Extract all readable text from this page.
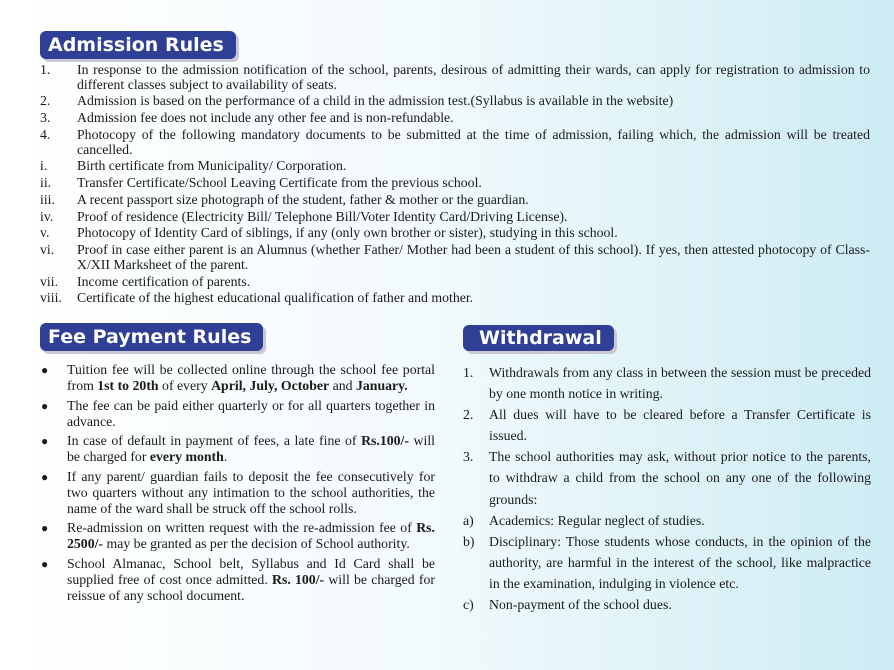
Admission Rules
1.	In response to the admission notification of the school, parents, desirous of admitting their wards, can apply for registration to admission to different classes subject to availability of seats.
2.	Admission is based on the performance of a child in the admission test.(Syllabus is available in the website)
3.	Admission fee does not include any other fee and is non-refundable.
4.	Photocopy of the following mandatory documents to be submitted at the time of admission, failing which, the admission will be treated cancelled.
i.	Birth certificate from Municipality/ Corporation.
ii.	Transfer Certificate/School Leaving Certificate from the previous school.
iii.	A recent passport size photograph of the student, father & mother or the guardian.
iv.	Proof of residence (Electricity Bill/ Telephone Bill/Voter Identity Card/Driving License).
v.	Photocopy of Identity Card of siblings, if any (only own brother or sister), studying in this school.
vi.	Proof in case either parent is an Alumnus (whether Father/ Mother had been a student of this school). If yes, then attested photocopy of Class-X/XII Marksheet of the parent.
vii.	Income certification of parents.
viii.	Certificate of the highest educational qualification of father and mother.
Fee Payment Rules
●	Tuition fee will be collected online through the school fee portal from 1st to 20th of every April, July, October and January.
●	The fee can be paid either quarterly or for all quarters together in advance.
●	In case of default in payment of fees, a late fine of Rs.100/- will be charged for every month.
●	If any parent/ guardian fails to deposit the fee consecutively for two quarters without any intimation to the school authorities, the name of the ward shall be struck off the school rolls.
●	Re-admission on written request with the re-admission fee of Rs. 2500/- may be granted as per the decision of School authority.
●	School Almanac, School belt, Syllabus and Id Card shall be supplied free of cost once admitted. Rs. 100/- will be charged for reissue of any school document.
Withdrawal
1.	Withdrawals from any class in between the session must be preceded by one month notice in writing.
2.	All dues will have to be cleared before a Transfer Certificate is issued.
3.	The school authorities may ask, without prior notice to the parents, to withdraw a child from the school on any one of the following grounds:
a)	Academics: Regular neglect of studies.
b)	Disciplinary: Those students whose conducts, in the opinion of the authority, are harmful in the interest of the school, like malpractice in the examination, indulging in violence etc.
c)	Non-payment of the school dues.
